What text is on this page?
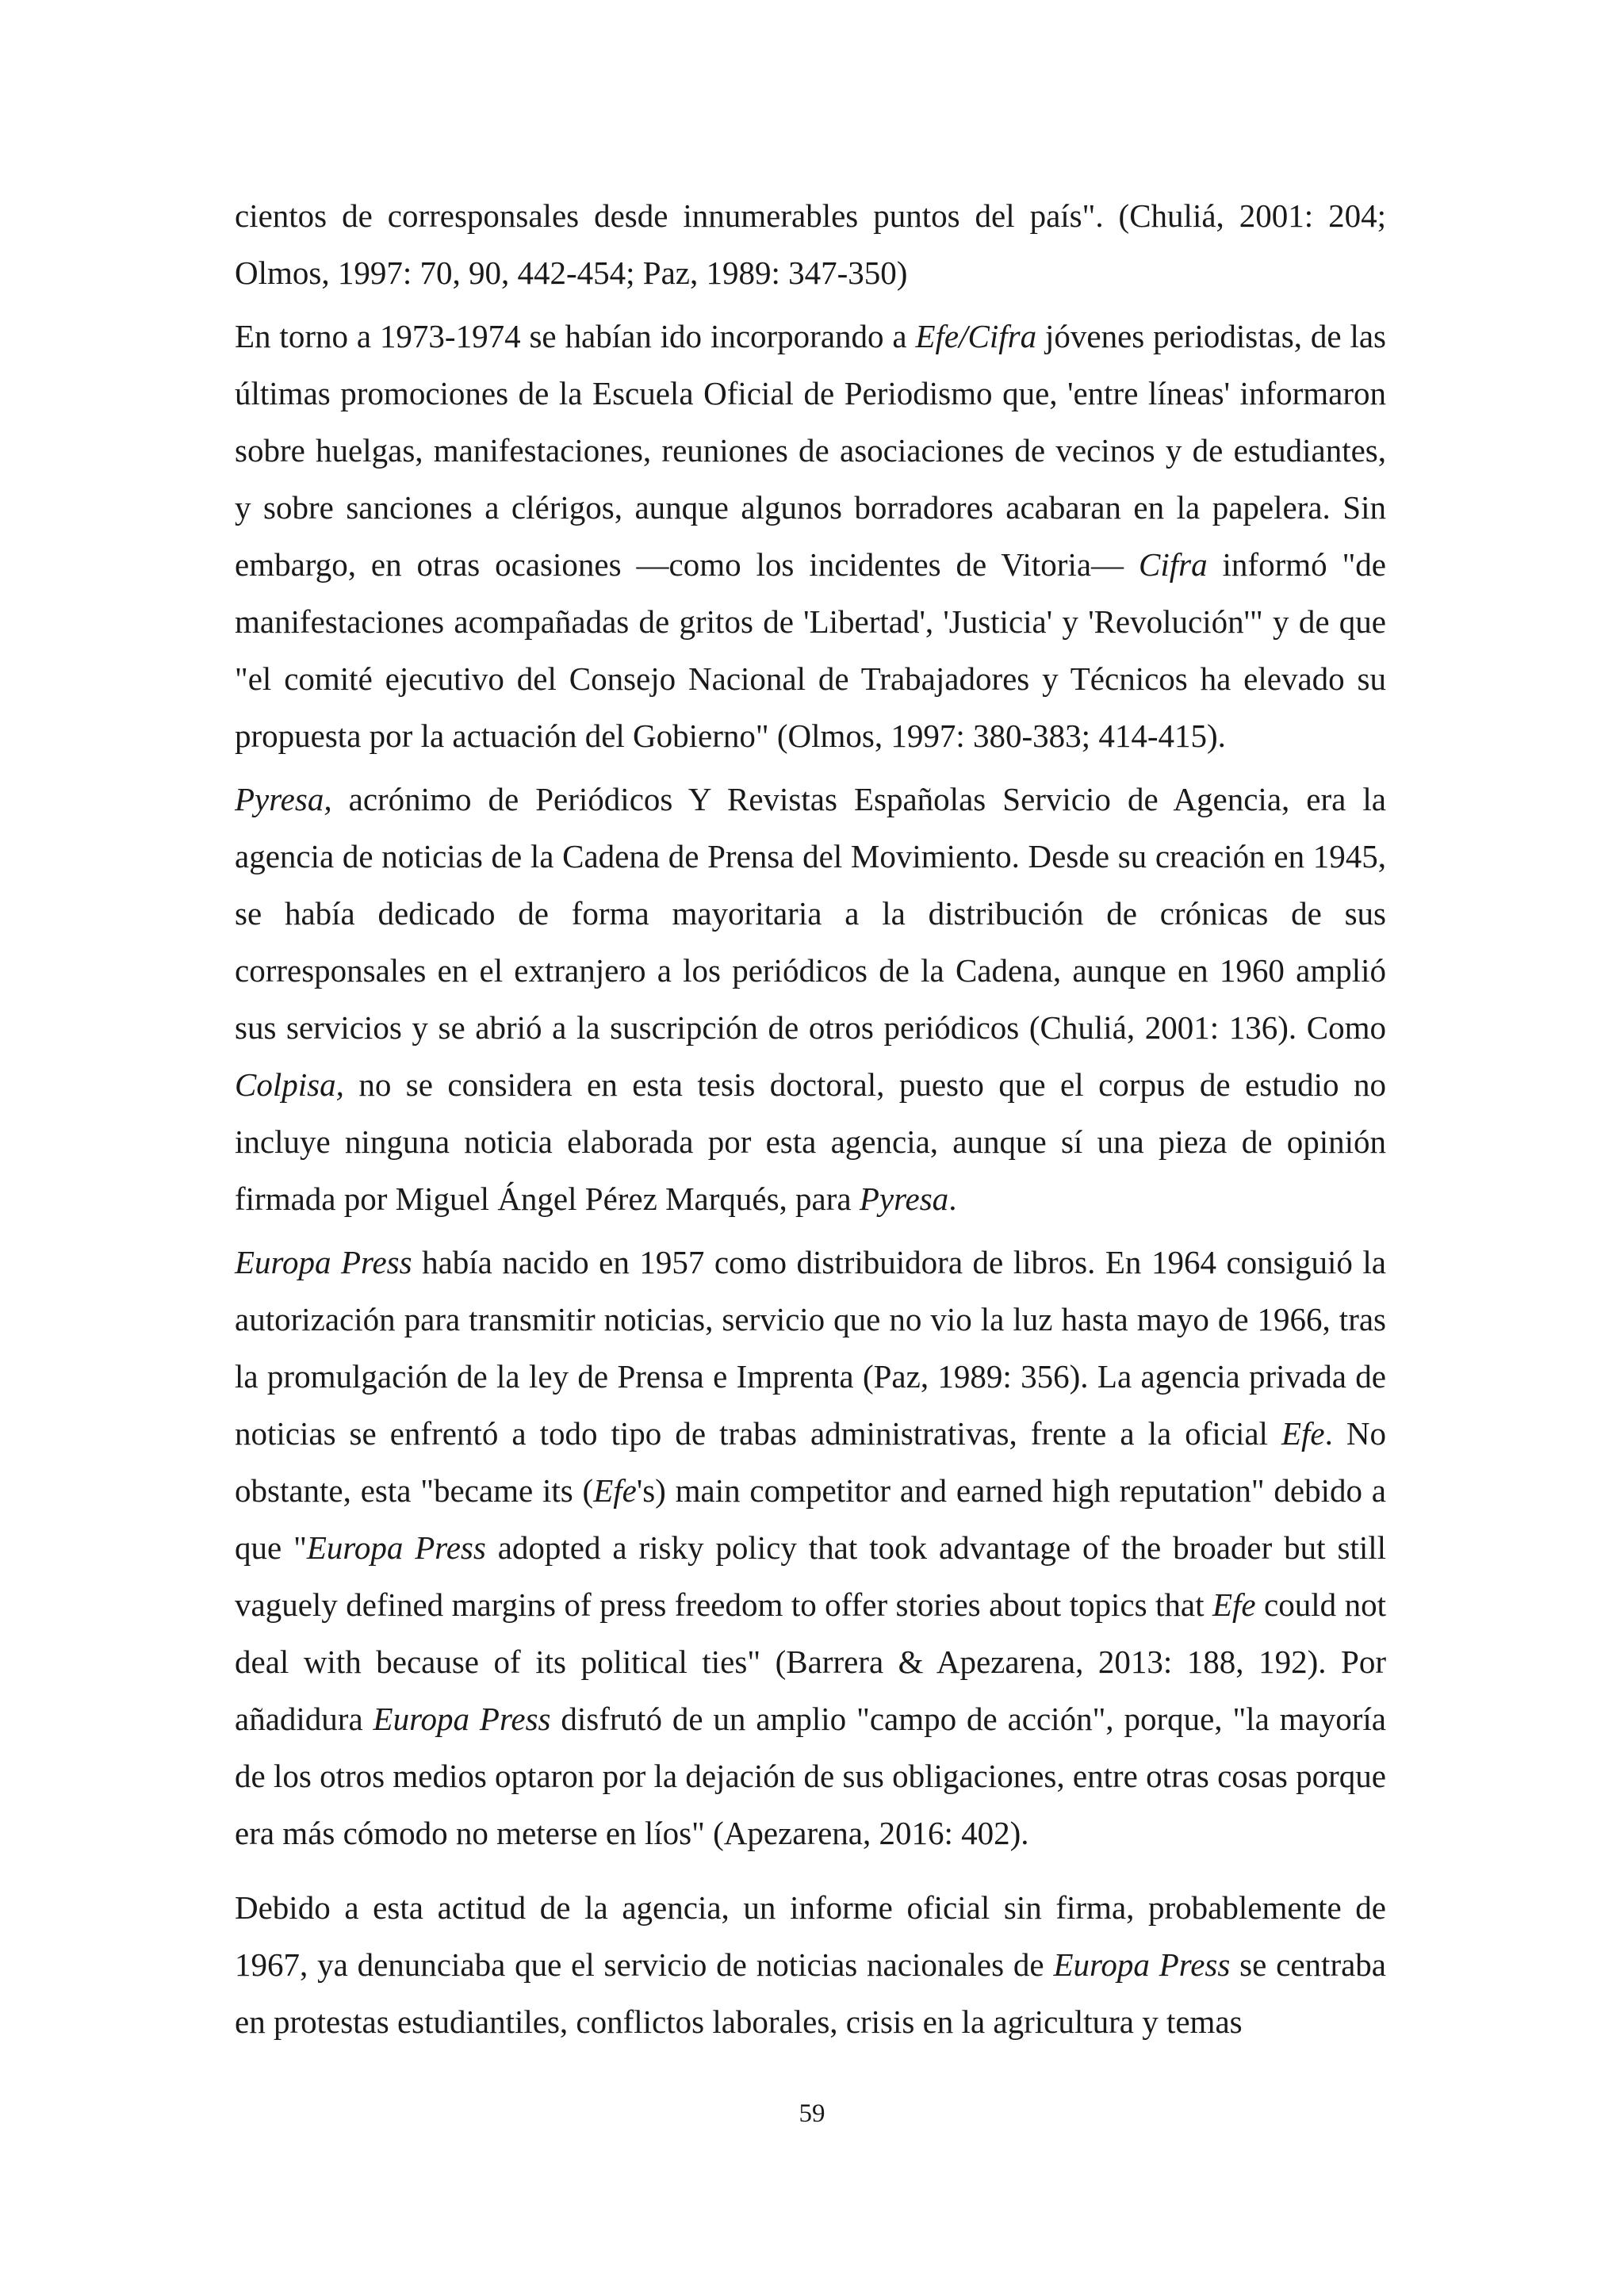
cientos de corresponsales desde innumerables puntos del país". (Chuliá, 2001: 204; Olmos, 1997: 70, 90, 442-454; Paz, 1989: 347-350)

En torno a 1973-1974 se habían ido incorporando a Efe/Cifra jóvenes periodistas, de las últimas promociones de la Escuela Oficial de Periodismo que, 'entre líneas' informaron sobre huelgas, manifestaciones, reuniones de asociaciones de vecinos y de estudiantes, y sobre sanciones a clérigos, aunque algunos borradores acabaran en la papelera. Sin embargo, en otras ocasiones —como los incidentes de Vitoria— Cifra informó "de manifestaciones acompañadas de gritos de 'Libertad', 'Justicia' y 'Revolución'" y de que "el comité ejecutivo del Consejo Nacional de Trabajadores y Técnicos ha elevado su propuesta por la actuación del Gobierno" (Olmos, 1997: 380-383; 414-415).

Pyresa, acrónimo de Periódicos Y Revistas Españolas Servicio de Agencia, era la agencia de noticias de la Cadena de Prensa del Movimiento. Desde su creación en 1945, se había dedicado de forma mayoritaria a la distribución de crónicas de sus corresponsales en el extranjero a los periódicos de la Cadena, aunque en 1960 amplió sus servicios y se abrió a la suscripción de otros periódicos (Chuliá, 2001: 136). Como Colpisa, no se considera en esta tesis doctoral, puesto que el corpus de estudio no incluye ninguna noticia elaborada por esta agencia, aunque sí una pieza de opinión firmada por Miguel Ángel Pérez Marqués, para Pyresa.

Europa Press había nacido en 1957 como distribuidora de libros. En 1964 consiguió la autorización para transmitir noticias, servicio que no vio la luz hasta mayo de 1966, tras la promulgación de la ley de Prensa e Imprenta (Paz, 1989: 356). La agencia privada de noticias se enfrentó a todo tipo de trabas administrativas, frente a la oficial Efe. No obstante, esta "became its (Efe's) main competitor and earned high reputation" debido a que "Europa Press adopted a risky policy that took advantage of the broader but still vaguely defined margins of press freedom to offer stories about topics that Efe could not deal with because of its political ties" (Barrera & Apezarena, 2013: 188, 192). Por añadidura Europa Press disfrutó de un amplio "campo de acción", porque, "la mayoría de los otros medios optaron por la dejación de sus obligaciones, entre otras cosas porque era más cómodo no meterse en líos" (Apezarena, 2016: 402).

Debido a esta actitud de la agencia, un informe oficial sin firma, probablemente de 1967, ya denunciaba que el servicio de noticias nacionales de Europa Press se centraba en protestas estudiantiles, conflictos laborales, crisis en la agricultura y temas

59
